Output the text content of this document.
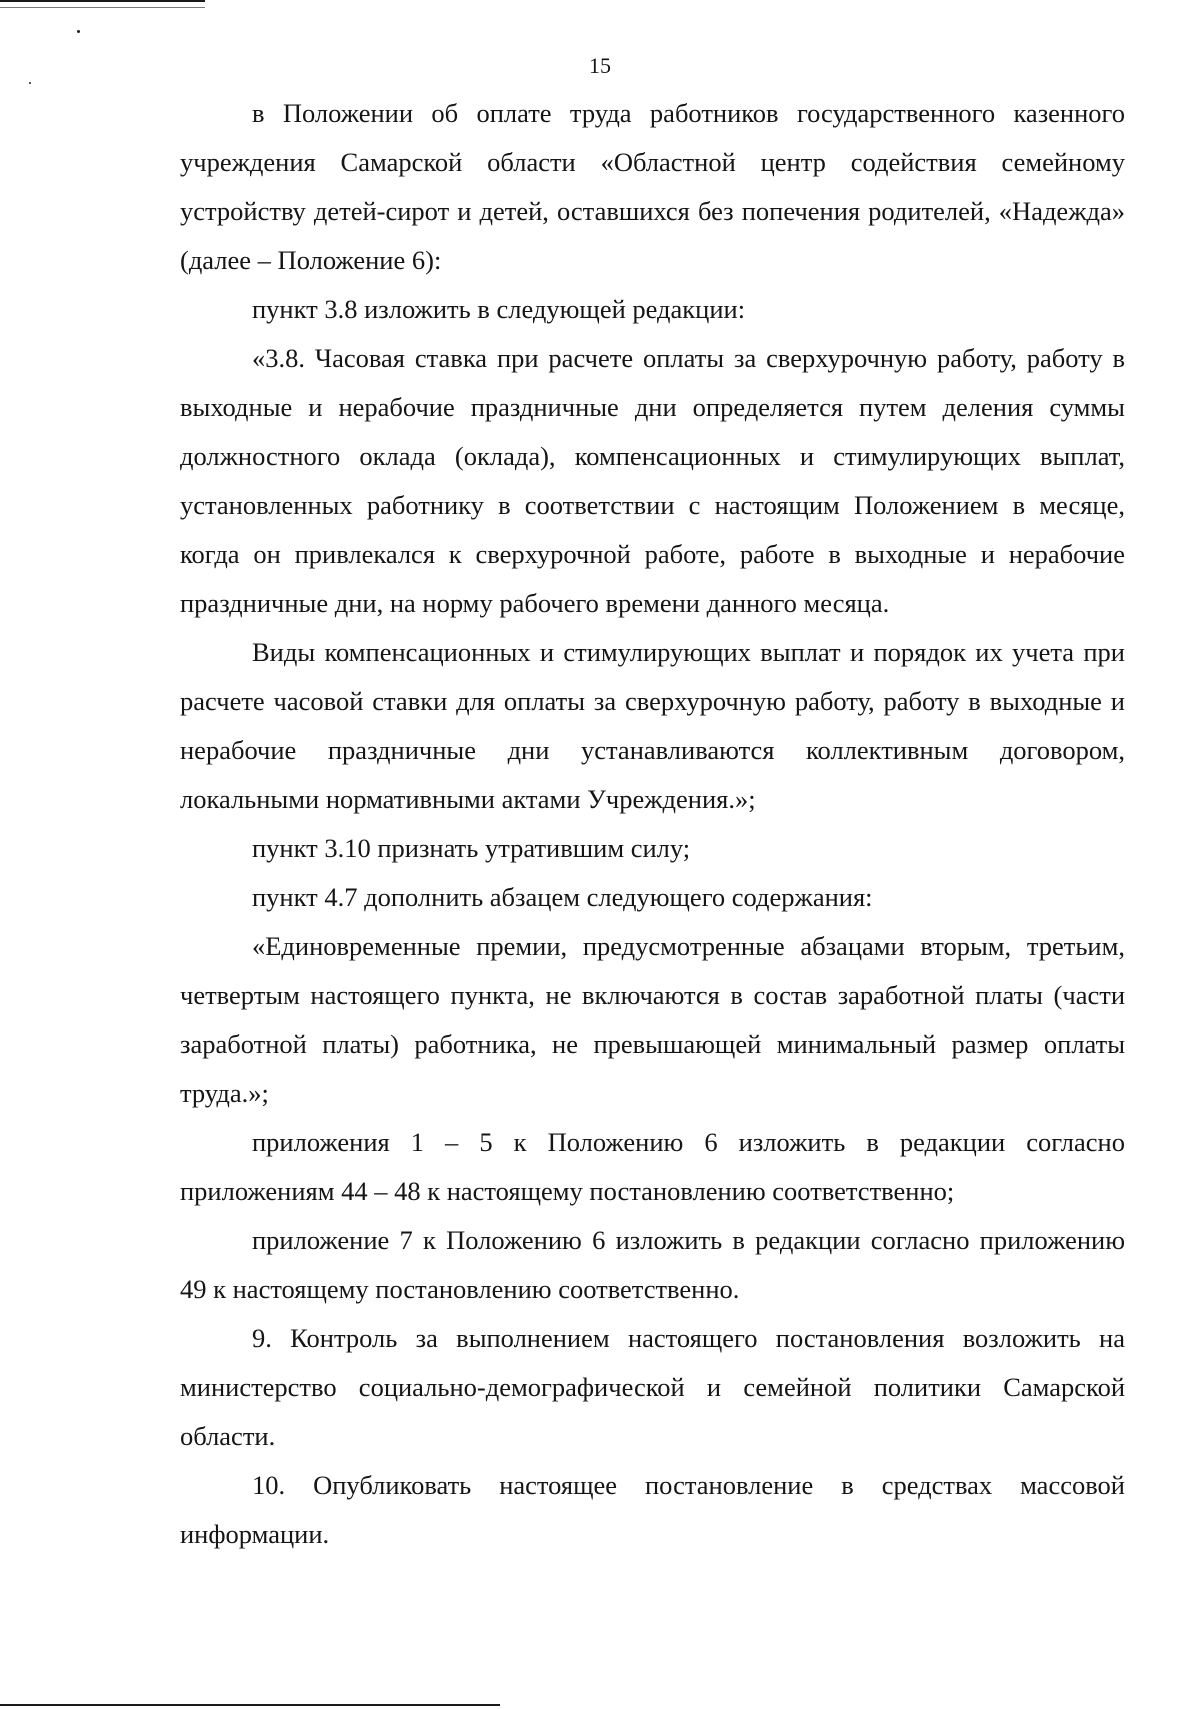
15

в Положении об оплате труда работников государственного казенного учреждения Самарской области «Областной центр содействия семейному устройству детей-сирот и детей, оставшихся без попечения родителей, «Надежда» (далее – Положение 6):

пункт 3.8 изложить в следующей редакции:

«3.8. Часовая ставка при расчете оплаты за сверхурочную работу, работу в выходные и нерабочие праздничные дни определяется путем деления суммы должностного оклада (оклада), компенсационных и стимулирующих выплат, установленных работнику в соответствии с настоящим Положением в месяце, когда он привлекался к сверхурочной работе, работе в выходные и нерабочие праздничные дни, на норму рабочего времени данного месяца.

Виды компенсационных и стимулирующих выплат и порядок их учета при расчете часовой ставки для оплаты за сверхурочную работу, работу в выходные и нерабочие праздничные дни устанавливаются коллективным договором, локальными нормативными актами Учреждения.»;

пункт 3.10 признать утратившим силу;

пункт 4.7 дополнить абзацем следующего содержания:

«Единовременные премии, предусмотренные абзацами вторым, третьим, четвертым настоящего пункта, не включаются в состав заработной платы (части заработной платы) работника, не превышающей минимальный размер оплаты труда.»;

приложения 1 – 5 к Положению 6 изложить в редакции согласно приложениям 44 – 48 к настоящему постановлению соответственно;

приложение 7 к Положению 6 изложить в редакции согласно приложению 49 к настоящему постановлению соответственно.

9. Контроль за выполнением настоящего постановления возложить на министерство социально-демографической и семейной политики Самарской области.

10. Опубликовать настоящее постановление в средствах массовой информации.
